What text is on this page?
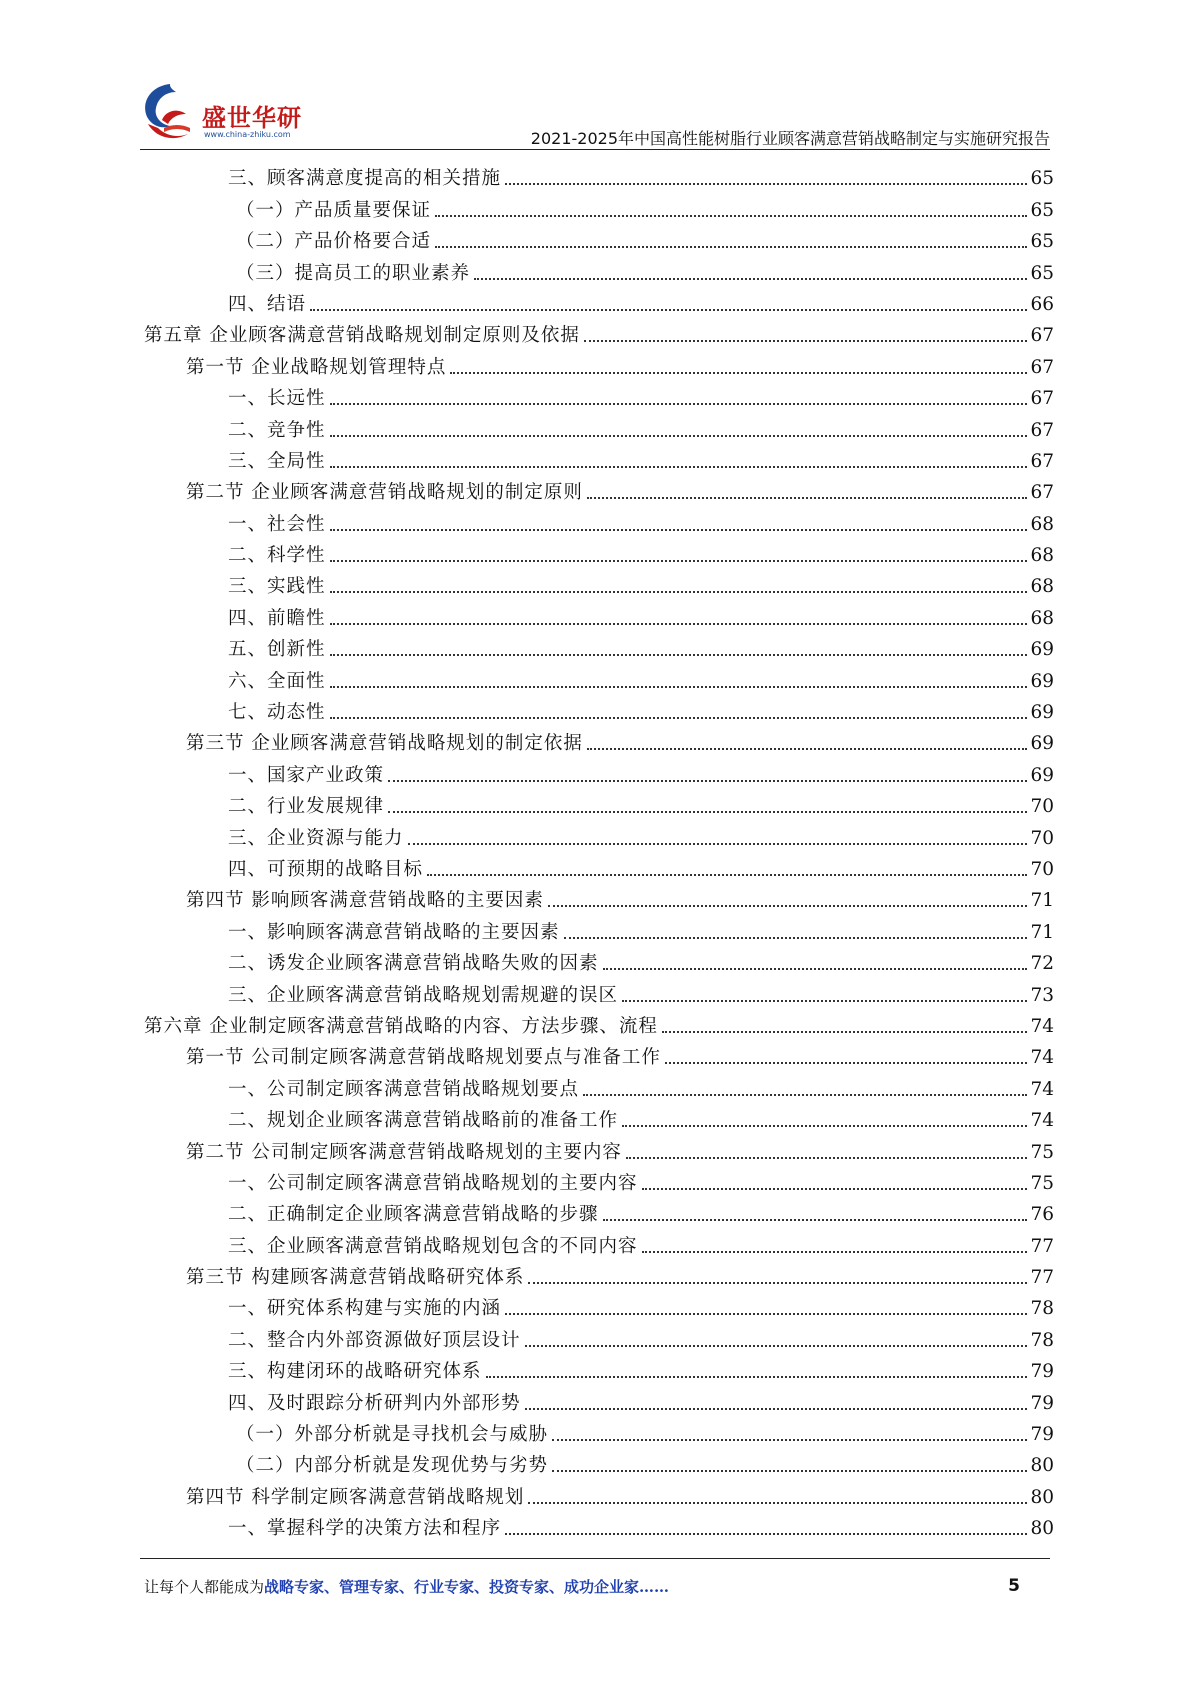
盛世华研
www.china-zhiku.com	2021-2025年中国高性能树脂行业顾客满意营销战略制定与实施研究报告
三、顾客满意度提高的相关措施	65
（一）产品质量要保证	65
（二）产品价格要合适	65
（三）提高员工的职业素养	65
四、结语	66
第五章 企业顾客满意营销战略规划制定原则及依据	67
第一节 企业战略规划管理特点	67
一、长远性	67
二、竞争性	67
三、全局性	67
第二节 企业顾客满意营销战略规划的制定原则	67
一、社会性	68
二、科学性	68
三、实践性	68
四、前瞻性	68
五、创新性	69
六、全面性	69
七、动态性	69
第三节 企业顾客满意营销战略规划的制定依据	69
一、国家产业政策	69
二、行业发展规律	70
三、企业资源与能力	70
四、可预期的战略目标	70
第四节 影响顾客满意营销战略的主要因素	71
一、影响顾客满意营销战略的主要因素	71
二、诱发企业顾客满意营销战略失败的因素	72
三、企业顾客满意营销战略规划需规避的误区	73
第六章 企业制定顾客满意营销战略的内容、方法步骤、流程	74
第一节 公司制定顾客满意营销战略规划要点与准备工作	74
一、公司制定顾客满意营销战略规划要点	74
二、规划企业顾客满意营销战略前的准备工作	74
第二节 公司制定顾客满意营销战略规划的主要内容	75
一、公司制定顾客满意营销战略规划的主要内容	75
二、正确制定企业顾客满意营销战略的步骤	76
三、企业顾客满意营销战略规划包含的不同内容	77
第三节 构建顾客满意营销战略研究体系	77
一、研究体系构建与实施的内涵	78
二、整合内外部资源做好顶层设计	78
三、构建闭环的战略研究体系	79
四、及时跟踪分析研判内外部形势	79
（一）外部分析就是寻找机会与威胁	79
（二）内部分析就是发现优势与劣势	80
第四节 科学制定顾客满意营销战略规划	80
一、掌握科学的决策方法和程序	80
让每个人都能成为战略专家、管理专家、行业专家、投资专家、成功企业家……	5
